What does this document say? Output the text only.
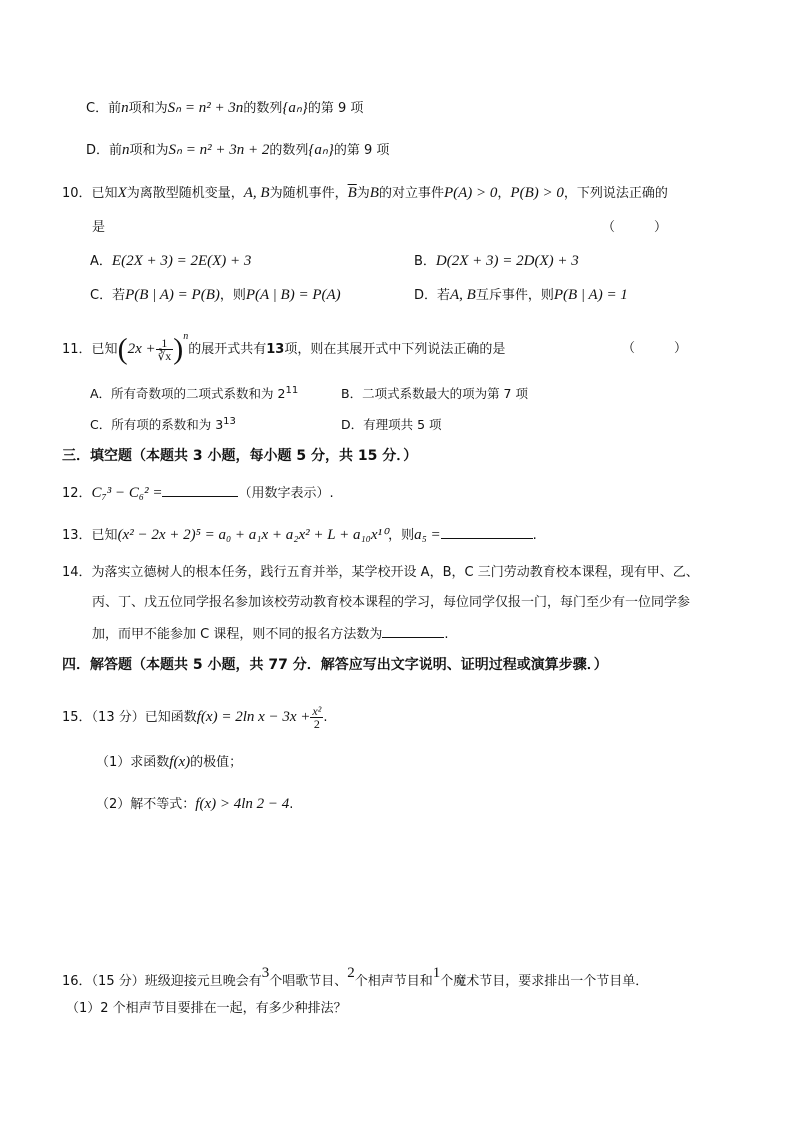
C．前n项和为Sₙ = n² + 3n的数列{aₙ}的第 9 项
D．前n项和为Sₙ = n² + 3n + 2的数列{aₙ}的第 9 项
10．已知X为离散型随机变量，A, B为随机事件，$\overline{B}$为B的对立事件P(A) > 0，P(B) > 0，下列说法正确的
是	（　　　）
A．E(2X + 3) = 2E(X) + 3	B．D(2X + 3) = 2D(X) + 3
C．若P(B | A) = P(B)，则P(A | B) = P(A)	D．若A, B互斥事件，则P(B | A) = 1
11．已知$(2x + \frac{1}{∛x} )^n$的展开式共有13项，则在其展开式中下列说法正确的是	（　　　）
A．所有奇数项的二项式系数和为 $2^{11}$	B．二项式系数最大的项为第 7 项
C．所有项的系数和为 $3^{13}$	D．有理项共 5 项
三．填空题（本题共 3 小题，每小题 5 分，共 15 分．）
12．C₇³ − C₆² =	（用数字表示）.
13．已知(x² − 2x + 2)⁵ = a₀ + a₁x + a₂x² + L + a₁₀x¹⁰，则a₅ =	.
14．为落实立德树人的根本任务，践行五育并举，某学校开设 A，B，C 三门劳动教育校本课程，现有甲、乙、
丙、丁、戊五位同学报名参加该校劳动教育校本课程的学习，每位同学仅报一门，每门至少有一位同学参
加，而甲不能参加 C 课程，则不同的报名方法数为	.
四．解答题（本题共 5 小题，共 77 分．解答应写出文字说明、证明过程或演算步骤．）
15．（13 分）已知函数f(x) = 2ln $x - 3x + \frac{\text{x²}}{2}$ .
（1）求函数f(x)的极值；
（2）解不等式：f(x) > 4ln 2 − 4.
16．（15 分）班级迎接元旦晚会有3个唱歌节目、2个相声节目和1个魔术节目，要求排出一个节目单．
（1）2 个相声节目要排在一起，有多少种排法？
